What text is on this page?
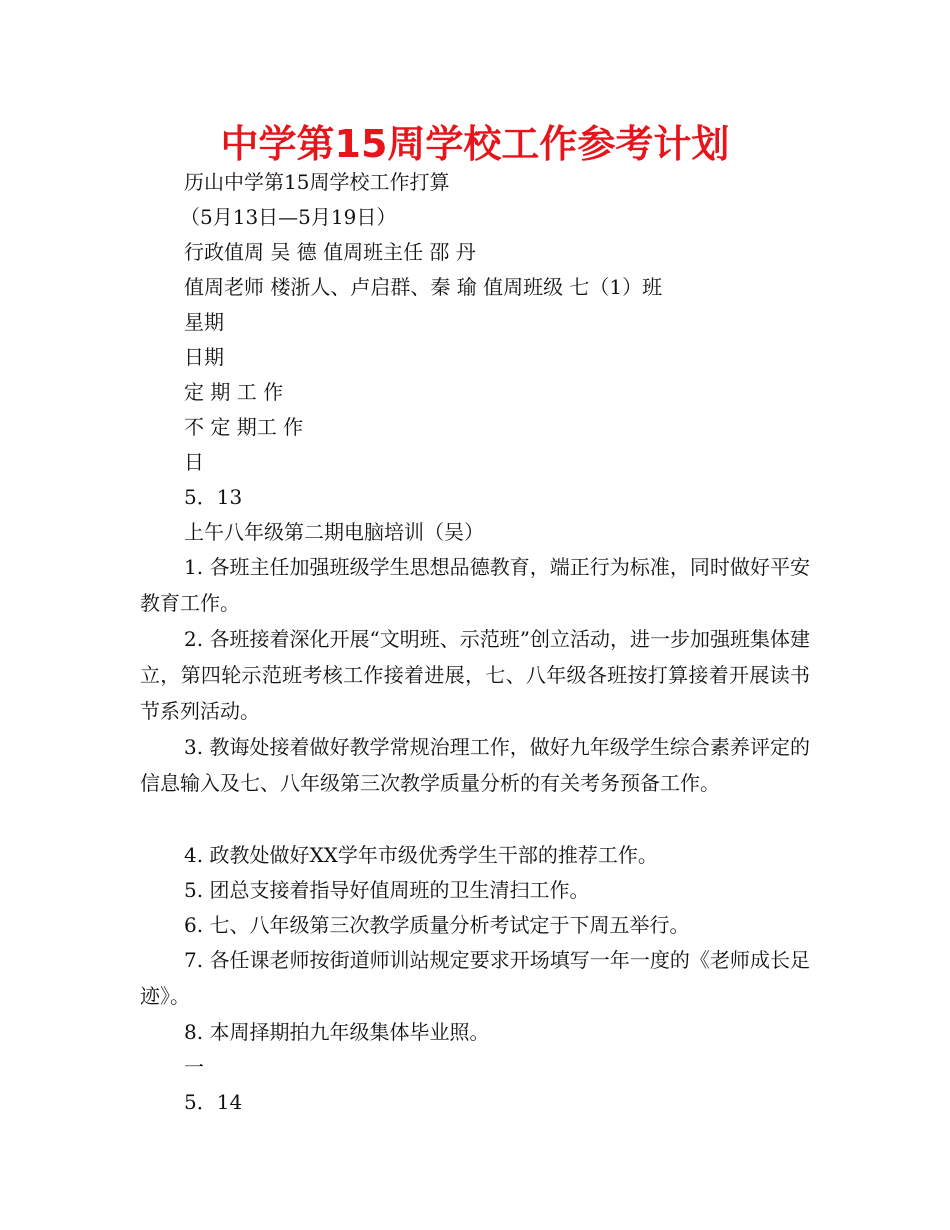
中学第15周学校工作参考计划

历山中学第15周学校工作打算

（5月13日—5月19日）

行政值周 吴 德 值周班主任 邵 丹

值周老师 楼浙人、卢启群、秦 瑜 值周班级 七（1）班

星期

日期

定 期 工 作

不 定 期工 作

日

5．13

上午八年级第二期电脑培训（吴）

1. 各班主任加强班级学生思想品德教育，端正行为标准，同时做好平安教育工作。

2. 各班接着深化开展“文明班、示范班”创立活动，进一步加强班集体建立，第四轮示范班考核工作接着进展，七、八年级各班按打算接着开展读书节系列活动。

3. 教诲处接着做好教学常规治理工作，做好九年级学生综合素养评定的信息输入及七、八年级第三次教学质量分析的有关考务预备工作。

4. 政教处做好XX学年市级优秀学生干部的推荐工作。

5. 团总支接着指导好值周班的卫生清扫工作。

6. 七、八年级第三次教学质量分析考试定于下周五举行。

7. 各任课老师按街道师训站规定要求开场填写一年一度的《老师成长足迹》。

8. 本周择期拍九年级集体毕业照。

一

5．14
